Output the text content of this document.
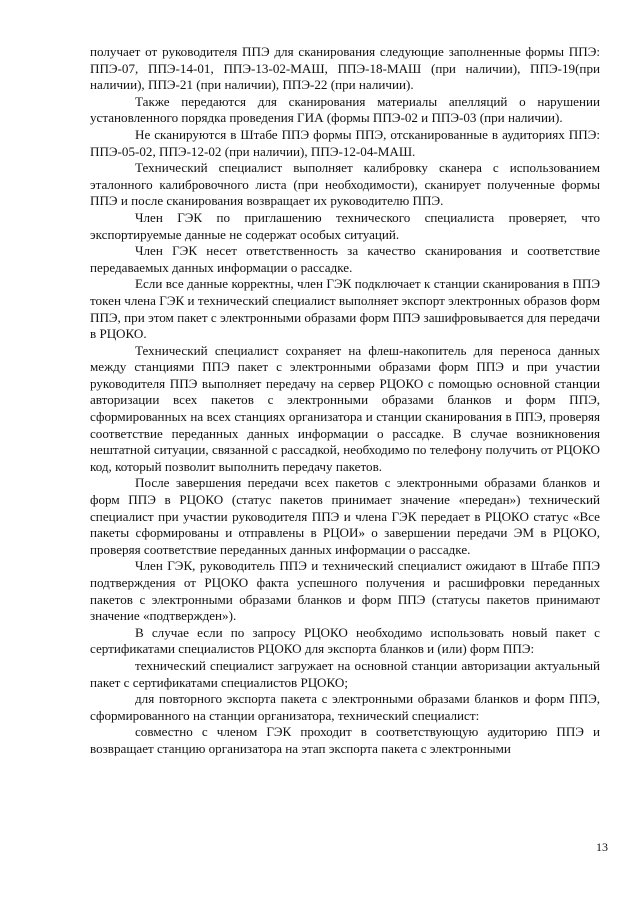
получает от руководителя ППЭ для сканирования следующие заполненные формы ППЭ: ППЭ-07, ППЭ-14-01, ППЭ-13-02-МАШ, ППЭ-18-МАШ (при наличии), ППЭ-19(при наличии), ППЭ-21 (при наличии), ППЭ-22 (при наличии).

Также передаются для сканирования материалы апелляций о нарушении установленного порядка проведения ГИА (формы ППЭ-02 и ППЭ-03 (при наличии).

Не сканируются в Штабе ППЭ формы ППЭ, отсканированные в аудиториях ППЭ: ППЭ-05-02, ППЭ-12-02 (при наличии), ППЭ-12-04-МАШ.

Технический специалист выполняет калибровку сканера с использованием эталонного калибровочного листа (при необходимости), сканирует полученные формы ППЭ и после сканирования возвращает их руководителю ППЭ.

Член ГЭК по приглашению технического специалиста проверяет, что экспортируемые данные не содержат особых ситуаций.

Член ГЭК несет ответственность за качество сканирования и соответствие передаваемых данных информации о рассадке.

Если все данные корректны, член ГЭК подключает к станции сканирования в ППЭ токен члена ГЭК и технический специалист выполняет экспорт электронных образов форм ППЭ, при этом пакет с электронными образами форм ППЭ зашифровывается для передачи в РЦОКО.

Технический специалист сохраняет на флеш-накопитель для переноса данных между станциями ППЭ пакет с электронными образами форм ППЭ и при участии руководителя ППЭ выполняет передачу на сервер РЦОКО с помощью основной станции авторизации всех пакетов с электронными образами бланков и форм ППЭ, сформированных на всех станциях организатора и станции сканирования в ППЭ, проверяя соответствие переданных данных информации о рассадке. В случае возникновения нештатной ситуации, связанной с рассадкой, необходимо по телефону получить от РЦОКО код, который позволит выполнить передачу пакетов.

После завершения передачи всех пакетов с электронными образами бланков и форм ППЭ в РЦОКО (статус пакетов принимает значение «передан») технический специалист при участии руководителя ППЭ и члена ГЭК передает в РЦОКО статус «Все пакеты сформированы и отправлены в РЦОИ» о завершении передачи ЭМ в РЦОКО, проверяя соответствие переданных данных информации о рассадке.

Член ГЭК, руководитель ППЭ и технический специалист ожидают в Штабе ППЭ подтверждения от РЦОКО факта успешного получения и расшифровки переданных пакетов с электронными образами бланков и форм ППЭ (статусы пакетов принимают значение «подтвержден»).

В случае если по запросу РЦОКО необходимо использовать новый пакет с сертификатами специалистов РЦОКО для экспорта бланков и (или) форм ППЭ:

технический специалист загружает на основной станции авторизации актуальный пакет с сертификатами специалистов РЦОКО;

для повторного экспорта пакета с электронными образами бланков и форм ППЭ, сформированного на станции организатора, технический специалист:

совместно с членом ГЭК проходит в соответствующую аудиторию ППЭ и возвращает станцию организатора на этап экспорта пакета с электронными

13
